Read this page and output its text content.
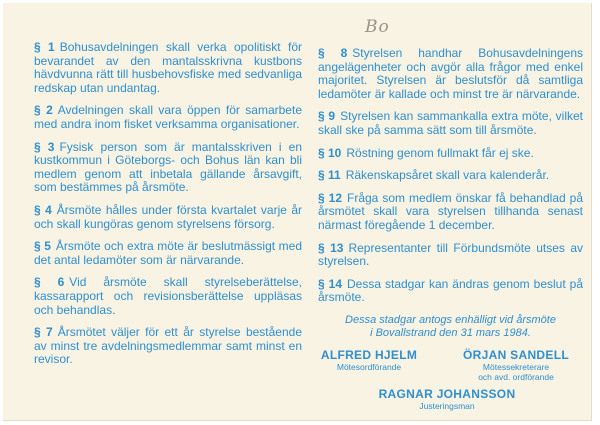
Bo

§ 1 Bohusavdelningen skall verka opolitiskt för bevarandet av den mantalsskrivna kustbons hävdvunna rätt till husbehovsfiske med sedvanliga redskap utan undantag.

§ 2 Avdelningen skall vara öppen för samarbete med andra inom fisket verksamma organisationer.

§ 3 Fysisk person som är mantalsskriven i en kustkommun i Göteborgs- och Bohus län kan bli medlem genom att inbetala gällande årsavgift, som bestämmes på årsmöte.

§ 4 Årsmöte hålles under första kvartalet varje år och skall kungöras genom styrelsens försorg.

§ 5 Årsmöte och extra möte är beslutmässigt med det antal ledamöter som är närvarande.

§ 6 Vid årsmöte skall styrelseberättelse, kassarapport och revisionsberättelse uppläsas och behandlas.

§ 7 Årsmötet väljer för ett år styrelse bestående av minst tre avdelningsmedlemmar samt minst en revisor.

§ 8 Styrelsen handhar Bohusavdelningens angelägenheter och avgör alla frågor med enkel majoritet. Styrelsen är beslutsför då samtliga ledamöter är kallade och minst tre är närvarande.

§ 9 Styrelsen kan sammankalla extra möte, vilket skall ske på samma sätt som till årsmöte.

§ 10 Röstning genom fullmakt får ej ske.

§ 11 Räkenskapsåret skall vara kalenderår.

§ 12 Fråga som medlem önskar få behandlad på årsmötet skall vara styrelsen tillhanda senast närmast föregående 1 december.

§ 13 Representanter till Förbundsmöte utses av styrelsen.

§ 14 Dessa stadgar kan ändras genom beslut på årsmöte.

Dessa stadgar antogs enhälligt vid årsmöte
i Bovallstrand den 31 mars 1984.

ALFRED HJELM
Mötesordförande
ÖRJAN SANDELL
Mötessekreterare
och avd. ordförande
RAGNAR JOHANSSON
Justeringsman
